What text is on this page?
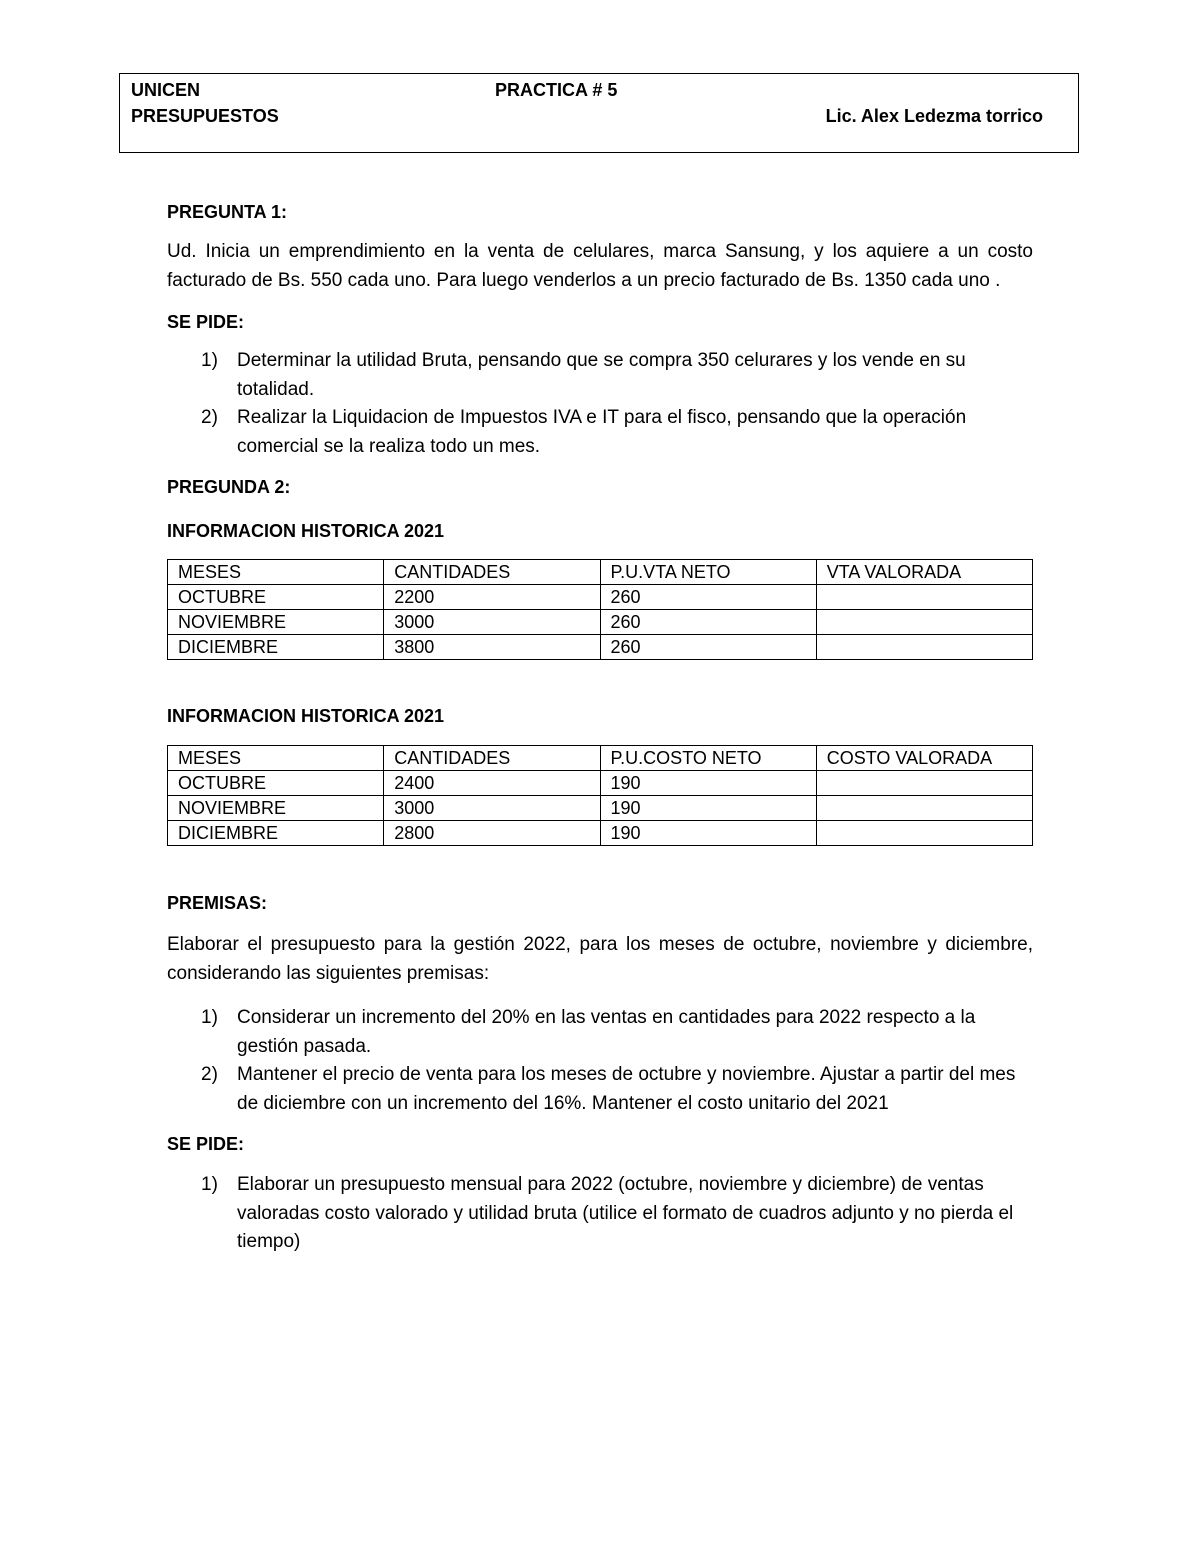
UNICEN	PRACTICA # 5
PRESUPUESTOS	Lic. Alex Ledezma torrico

PREGUNTA 1:

Ud. Inicia un emprendimiento en la venta de celulares, marca Sansung, y los aquiere a un costo facturado de Bs. 550 cada uno. Para luego venderlos a un precio facturado de Bs. 1350 cada uno .

SE PIDE:

1) Determinar la utilidad Bruta, pensando que se compra 350 celurares y los vende en su totalidad.
2) Realizar la Liquidacion de Impuestos IVA e IT para el fisco, pensando que la operación comercial se la realiza todo un mes.

PREGUNDA 2:

INFORMACION HISTORICA 2021

MESES	CANTIDADES	P.U.VTA NETO	VTA VALORADA
OCTUBRE	2200	260	
NOVIEMBRE	3000	260	
DICIEMBRE	3800	260	

INFORMACION HISTORICA 2021

MESES	CANTIDADES	P.U.COSTO NETO	COSTO VALORADA
OCTUBRE	2400	190	
NOVIEMBRE	3000	190	
DICIEMBRE	2800	190	

PREMISAS:

Elaborar el presupuesto para la gestión 2022, para los meses de octubre, noviembre y diciembre, considerando las siguientes premisas:

1) Considerar un incremento del 20% en las ventas en cantidades para 2022 respecto a la gestión pasada.
2) Mantener el precio de venta para los meses de octubre y noviembre. Ajustar a partir del mes de diciembre con un incremento del 16%. Mantener el costo unitario del 2021

SE PIDE:

1) Elaborar un presupuesto mensual para 2022 (octubre, noviembre y diciembre) de ventas valoradas costo valorado y utilidad bruta (utilice el formato de cuadros adjunto y no pierda el tiempo)
